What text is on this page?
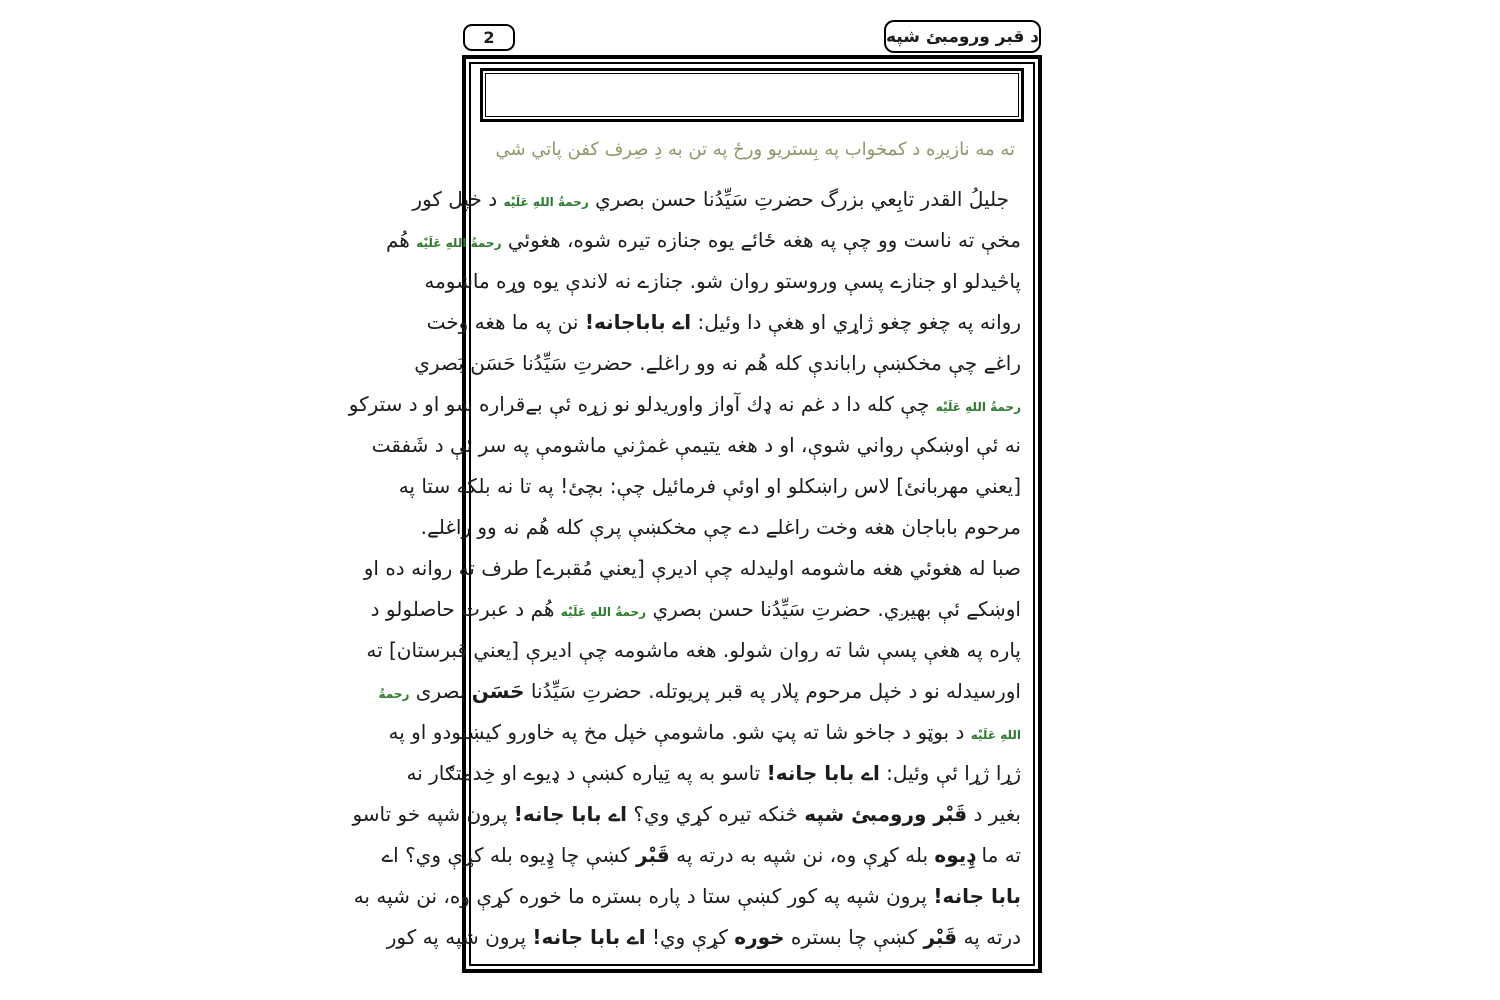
2	د قبر ورومبئ شپه
ته مه نازيږه د كمخواب په بِستر
يو ورځ په تن به دِ صِرف كفن پاتي شي
جليلُ القدر تابِعي بزرگ حضرتِ سَيِّدُنا حسن بصري رحمةُ اللهِ عَلَيْه د خپل كور
مخې ته ناست وو چې په هغه ځائے يوه جنازه تيره شوه، هغوئي رحمةُ اللهِ عَلَيْه هُم
پاڅيدلو او جنازے پسې وروستو روان شو. جنازے نه لاندې يوه وړه ماشومه
روانه په چغو چغو ژاړي او هغې دا وئيل: اے باباجانه! نن په ما هغه وخت
راغے چې مخكښې راباندې كله هُم نه وو راغلے. حضرتِ سَيِّدُنا حَسَن بَصري
رحمةُ اللهِ عَلَيْه چې كله دا د غم نه ډك آواز واوريدلو نو زړه ئې بےقراره شو او د ستركو
نه ئې اوښكې رواني شوې، او د هغه يتيمې غمژني ماشومې په سر ئې د شَفقت
[يعني مهربانئ] لاس راښكلو او اوئې فرمائيل چې: بچئ! په تا نه بلكه ستا په
مرحوم باباجان هغه وخت راغلے دے چې مخكښې پرې كله هُم نه وو راغلے.
صبا له هغوئي هغه ماشومه اوليدله چې اديرې [يعني مُقبرے] طرف ته روانه ده او
اوښكے ئې بهيږي. حضرتِ سَيِّدُنا حسن بصري رحمةُ اللهِ عَلَيْه هُم د عبرت حاصلولو د
پاره په هغې پسې شا ته روان شولو. هغه ماشومه چې اديرې [يعني قبرستان] ته
اورسيدله نو د خپل مرحوم پلار په قبر پريوتله. حضرتِ سَيِّدُنا حَسَن بصرى رحمةُ
اللهِ عَلَيْه د بوټو د جاخو شا ته پټ شو. ماشومې خپل مخ په خاورو كيښنودو او په
ژړا ژړا ئې وئيل: اے بابا جانه! تاسو به په تِياره كښې د ډيوے او خِدمتګار نه
بغير د قَبْر ورومبئ شپه څنكه تيره كړي وي؟ اے بابا جانه! پرون شپه خو تاسو
ته ما ډِيوه بله كړې وه، نن شپه به درته په قَبْر كښې چا ډِيوه بله كړې وي؟ اے
بابا جانه! پرون شپه په كور كښې ستا د پاره بستره ما خوره كړې وه، نن شپه به
درته په قَبْر كښې چا بستره خوره كړې وي! اے بابا جانه! پرون شپه په كور
